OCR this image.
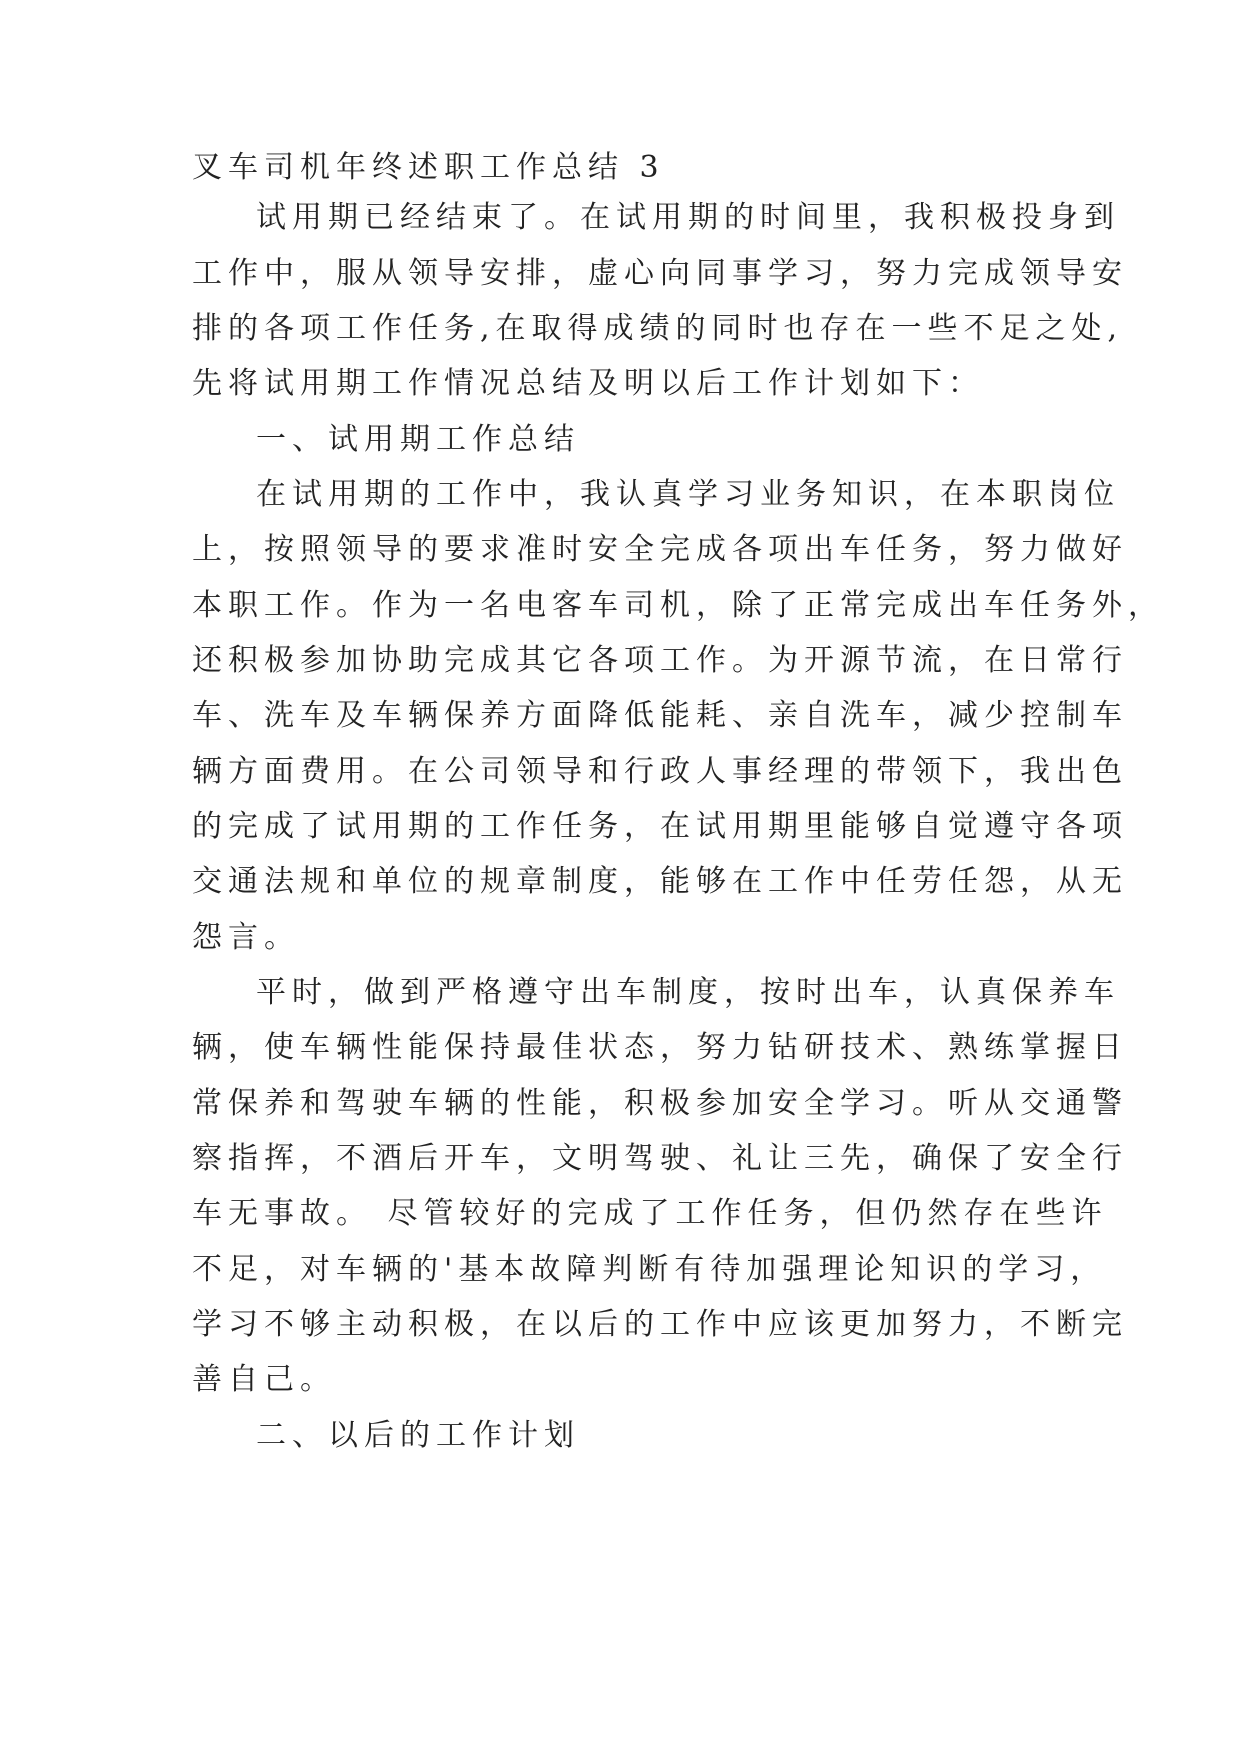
叉车司机年终述职工作总结 3

试用期已经结束了。在试用期的时间里，我积极投身到

工作中，服从领导安排，虚心向同事学习，努力完成领导安

排的各项工作任务,在取得成绩的同时也存在一些不足之处,

先将试用期工作情况总结及明以后工作计划如下：

一、试用期工作总结

在试用期的工作中，我认真学习业务知识，在本职岗位

上，按照领导的要求准时安全完成各项出车任务，努力做好

本职工作。作为一名电客车司机，除了正常完成出车任务外，

还积极参加协助完成其它各项工作。为开源节流，在日常行

车、洗车及车辆保养方面降低能耗、亲自洗车，减少控制车

辆方面费用。在公司领导和行政人事经理的带领下，我出色

的完成了试用期的工作任务，在试用期里能够自觉遵守各项

交通法规和单位的规章制度，能够在工作中任劳任怨，从无

怨言。

平时，做到严格遵守出车制度，按时出车，认真保养车

辆，使车辆性能保持最佳状态，努力钻研技术、熟练掌握日

常保养和驾驶车辆的性能，积极参加安全学习。听从交通警

察指挥，不酒后开车，文明驾驶、礼让三先，确保了安全行

车无事故。 尽管较好的完成了工作任务，但仍然存在些许

不足，对车辆的'基本故障判断有待加强理论知识的学习，

学习不够主动积极，在以后的工作中应该更加努力，不断完

善自己。

二、以后的工作计划
